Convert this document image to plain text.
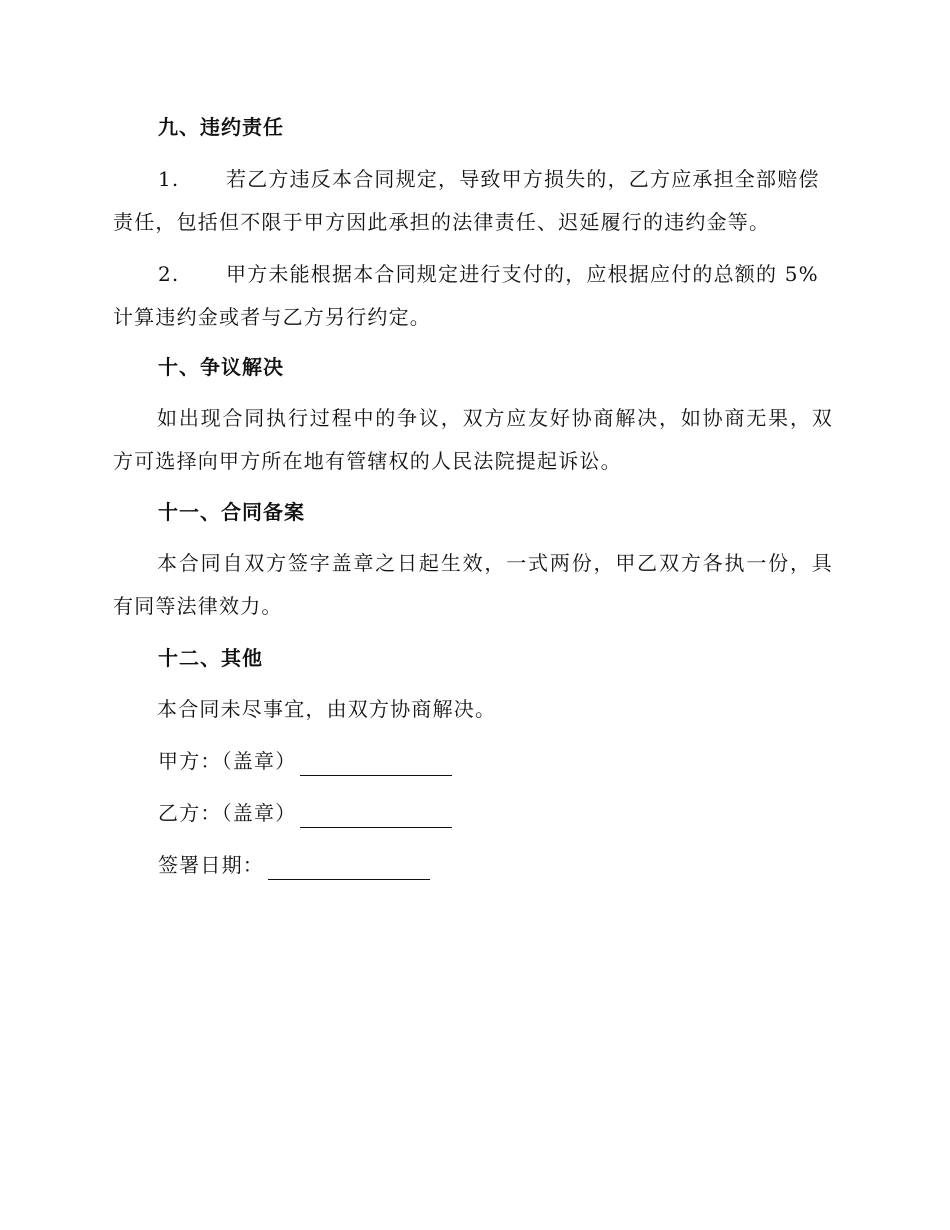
九、违约责任
1. 若乙方违反本合同规定，导致甲方损失的，乙方应承担全部赔偿
责任，包括但不限于甲方因此承担的法律责任、迟延履行的违约金等。
2. 甲方未能根据本合同规定进行支付的，应根据应付的总额的 5%
计算违约金或者与乙方另行约定。
十、争议解决
如出现合同执行过程中的争议，双方应友好协商解决，如协商无果，双方可选择向甲方所在地有管辖权的人民法院提起诉讼。
十一、合同备案
本合同自双方签字盖章之日起生效，一式两份，甲乙双方各执一份，具有同等法律效力。
十二、其他
本合同未尽事宜，由双方协商解决。
甲方：（盖章）
乙方：（盖章）
签署日期：
